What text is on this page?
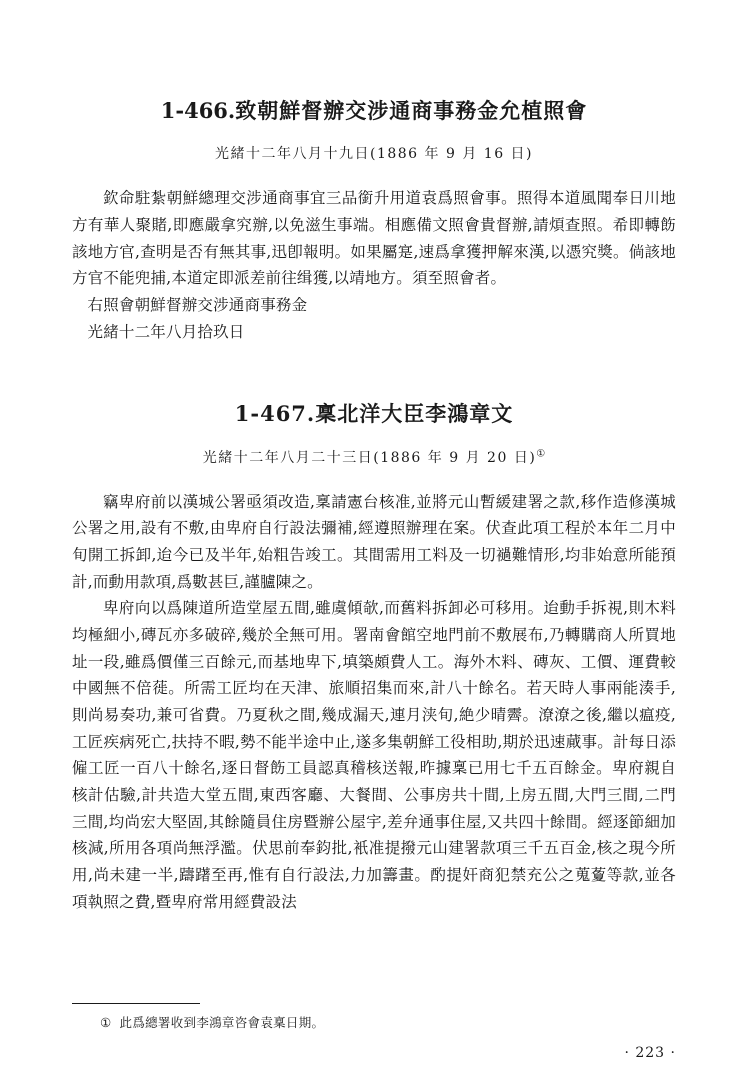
1-466.致朝鮮督辦交涉通商事務金允植照會
光緒十二年八月十九日(1886 年 9 月 16 日)

欽命駐紮朝鮮總理交涉通商事宜三品銜升用道袁爲照會事。照得本道風聞奉日川地方有華人聚賭,即應嚴拿究辦,以免滋生事端。相應備文照會貴督辦,請煩查照。希即轉飭該地方官,查明是否有無其事,迅卽報明。如果屬寔,速爲拿獲押解來漢,以憑究獎。倘該地方官不能兜捕,本道定即派差前往缉獲,以靖地方。須至照會者。

右照會朝鮮督辦交涉通商事務金

光緒十二年八月拾玖日

1-467.稟北洋大臣李鴻章文
光緒十二年八月二十三日(1886 年 9 月 20 日)①

竊卑府前以漢城公署亟須改造,稟請憲台核准,並將元山暫緩建署之款,移作造修漢城公署之用,設有不敷,由卑府自行設法彌補,經遵照辦理在案。伏查此項工程於本年二月中旬開工拆卸,迨今已及半年,始粗告竣工。其間需用工料及一切䙤難情形,均非始意所能預計,而動用款項,爲數甚巨,謹臚陳之。

卑府向以爲陳道所造堂屋五間,雖虞傾欹,而舊料拆卸必可移用。迨動手拆視,則木料均極細小,磚瓦亦多破碎,幾於全無可用。署南會館空地門前不敷展布,乃轉購商人所買地址一段,雖爲價僅三百餘元,而基地卑下,填築頗費人工。海外木料、磚灰、工價、運費較中國無不倍蓰。所需工匠均在天津、旅順招集而來,計八十餘名。若天時人事兩能湊手,則尚易奏功,兼可省費。乃夏秋之間,幾成漏天,連月浃旬,絶少晴霽。潦潦之後,繼以瘟疫,工匠疾病死亡,扶持不暇,勢不能半途中止,遂多集朝鮮工役相助,期於迅速蕆事。計每日添僱工匠一百八十餘名,逐日督飭工員認真稽核送報,昨據稟已用七千五百餘金。卑府親自核計估驗,計共造大堂五間,東西客廳、大餐間、公事房共十間,上房五間,大門三間,二門三間,均尚宏大堅固,其餘隨員住房暨辦公屋宇,差弁通事住屋,又共四十餘間。經逐節細加核減,所用各項尚無浮濫。伏思前奉鈞批,衹准提撥元山建署款項三千五百金,核之現今所用,尚未建一半,躊躇至再,惟有自行設法,力加籌畫。酌提奸商犯禁充公之蒐藑等款,並各項執照之費,暨卑府常用經費設法

① 此爲總署收到李鴻章咨會袁稟日期。

· 223 ·
